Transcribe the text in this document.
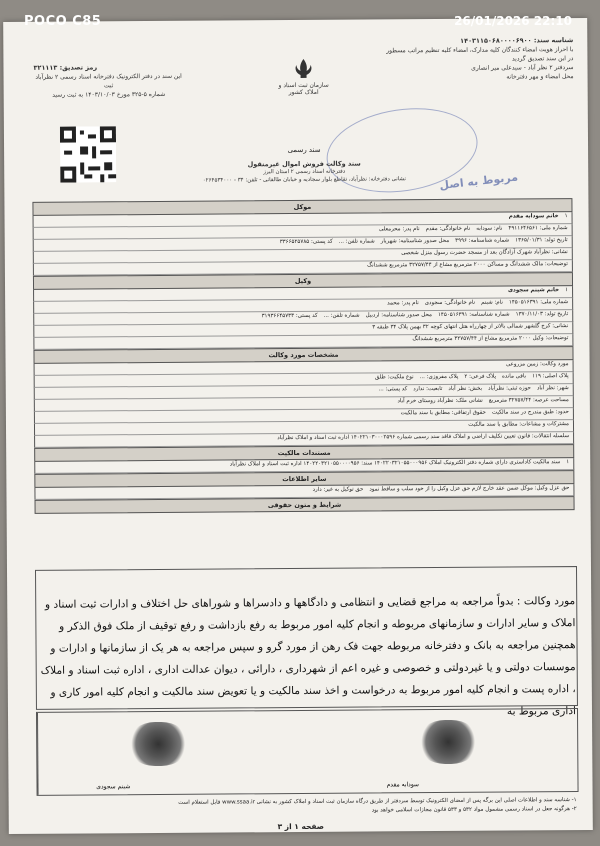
POCO C85	26/01/2026 22:10
شناسه سند: ۱۴۰۳۱۱۵۰۶۸۰۰۰۰۶۹۰۰
با احراز هویت امضاء کنندگان کلیه مدارک، امضاء کلیه تنظیم مراتب مسطور
در این سند تصدیق گردید
سردفتر ۲ نظر آباد - سیدعلی میر انصاری
محل امضاء و مهر دفترخانه
رمز تصدیق: ۳۲۱۱۱۳
این سند در دفتر الکترونیک دفترخانه اسناد رسمی ۲ نظرآباد ثبت
شماره ۵-۳۲۵ مورخ ۱۴۰۳/۱۰/۰۳ به ثبت رسید
سازمان ثبت اسناد و املاک کشور
مربوط به اصل
سند رسمی
سند وکالت فروش اموال غیرمنقول
دفترخانه اسناد رسمی ۲ استان البرز
نشانی دفترخانه: نظرآباد، تقاطع بلوار سجادیه و خیابان طالقانی - تلفن: ۳۴ - ۰۲۶۴۵۳۴۰۰۰
موکل
۱
خانم سودابه مقدم
شماره ملی: ۴۹۱۱۶۴۶۵۶۱
نام: سودابه
نام خانوادگی: مقدم
نام پدر: محرمعلی
تاریخ تولد: ۱۳۶۵/۰۱/۳۱
شماره شناسنامه: ۳۹۹۶
محل صدور شناسنامه: شهریار
شماره تلفن: ...
کد پستی: ۳۳۶۶۵۲۵۷۸۵
نشانی: نظرآباد شهرک آزادگان بعد از مسجد حضرت رسول منزل شخصی
توضیحات: مالک ششدانگ و مساکن ۲۰۰۰ مترمربع مشاع از ۳۲۷۵۷/۴۴ مترمربع ششدانگ
وکیل
۱
خانم شبنم سجودی
شماره ملی: ۱۴۵۰۵۱۶۳۹۱
نام: شبنم
نام خانوادگی: سجودی
نام پدر: محمد
تاریخ تولد: ۱۳۷۰/۱۱/۰۳
شماره شناسنامه: ۱۴۵۰۵۱۶۳۹۱
محل صدور شناسنامه: اردبیل
شماره تلفن: ...
کد پستی: ۳۱۹۳۶۶۴۵۷۳۳
نشانی: کرج گلشهر شمالی بالاتر از چهارراه هتل انتهای کوچه ۳۲ بهمن پلاک ۳۴ طبقه ۳
توضیحات: وکیل ۲۰۰۰ مترمربع مشاع از ۳۲۷۵۷/۴۴ مترمربع ششدانگ
مشخصات مورد وکالت
مورد وکالت: زمین مزروعی
پلاک اصلی: ۱۱۹
باقی مانده
پلاک فرعی: ۲
پلاک مفروزی: ...
نوع ملکیت: طلق
شهر: نظر آباد
حوزه ثبتی: نظرآباد
بخش: نظر آباد
تابعیت: ندارد
کد پستی: ...
مساحت عرصه: ۳۲۷۵۷/۴۴ مترمربع
نشانی ملک: نظرآباد روستای خرم آباد
حدود: طبق مندرج در سند مالکیت
حقوق ارتفاقی: مطابق با سند مالکیت
مشترکات و مشاعات: مطابق با سند مالکیت
سلسله انتقالات: قانون تعیین تکلیف اراضی و املاک فاقد سند رسمی شماره ۱۴۰۲۲۱۰۳۰۰۰۲۵۹۶ اداره ثبت اسناد و املاک نظرآباد
مستندات مالکیت
۱
سند مالکیت کاداستری دارای شماره دفتر الکترونیک املاک ۱۴۰۲۲۰۳۲۱۰۵۵۰۰۰۹۵۶ سند: ۱۴۰۲۲۰۳۲۱۰۵۵۰۰۰۰۹۵۶ اداره ثبت اسناد و املاک نظرآباد
سایر اطلاعات
حق عزل وکیل: موکل ضمن عقد خارج لازم حق عزل وکیل را از خود سلب و ساقط نمود
حق توکیل به غیر: دارد
شرایط و متون حقوقی
مورد وکالت : بدواً مراجعه به مراجع قضایی و انتظامی و دادگاهها و دادسراها و شوراهای حل اختلاف و ادارات ثبت اسناد و املاک و سایر ادارات و سازمانهای مربوطه و انجام کلیه امور مربوط به رفع بازداشت و رفع توقیف از ملک فوق الذکر و همچنین مراجعه به بانک و دفترخانه مربوطه جهت فک رهن از مورد گرو و سپس مراجعه به هر یک از سازمانها و ادارات و موسسات دولتی و یا غیردولتی و خصوصی و غیره اعم از شهرداری ، دارائی ، دیوان عدالت اداری ، اداره ثبت اسناد و املاک ، اداره پست و انجام کلیه امور مربوط به درخواست و اخذ سند مالکیت و یا تعویض سند مالکیت و انجام کلیه امور کاری و اداری مربوط به
شبنم سجودی	سودابه مقدم
۱- شناسه سند و اطلاعات اصلی این برگه پس از امضای الکترونیک توسط سردفتر از طریق درگاه سازمان ثبت اسناد و املاک کشور به نشانی www.ssaa.ir قابل استعلام است
۲- هرگونه جعل در اسناد رسمی مشمول مواد ۵۳۲ و ۵۳۳ قانون مجازات اسلامی خواهد بود
صفحه ۱ از ۳
